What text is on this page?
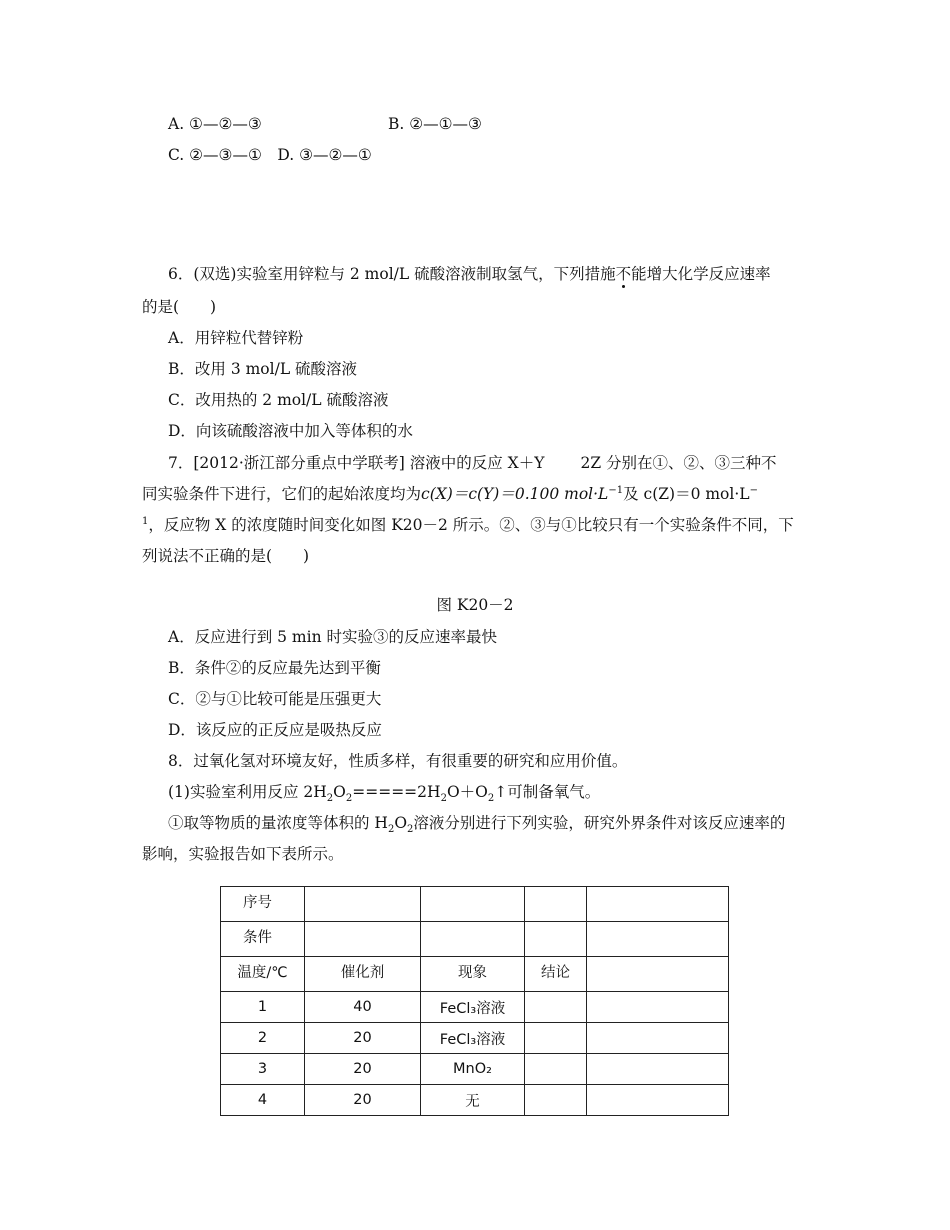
A. ①—②—③	B. ②—①—③
C. ②—③—①　D. ③—②—①
6．(双选)实验室用锌粒与 2 mol/L 硫酸溶液制取氢气，下列措施不能增大化学反应速率
的是(　　)
A．用锌粒代替锌粉
B．改用 3 mol/L 硫酸溶液
C．改用热的 2 mol/L 硫酸溶液
D．向该硫酸溶液中加入等体积的水
7．[2012·浙江部分重点中学联考] 溶液中的反应 X＋Y 2Z 分别在①、②、③三种不
同实验条件下进行，它们的起始浓度均为c(X)＝c(Y)＝0.100 $mol\cdot L^{-1}$及 c(Z)＝0 mol·L−
$^1$，反应物 X 的浓度随时间变化如图 K20－2 所示。②、③与①比较只有一个实验条件不同，下
列说法不正确的是(　　)
图 K20－2
A．反应进行到 5 min 时实验③的反应速率最快
B．条件②的反应最先达到平衡
C．②与①比较可能是压强更大
D．该反应的正反应是吸热反应
8．过氧化氢对环境友好，性质多样，有很重要的研究和应用价值。
(1)实验室利用反应 $2H_2O_2=====2H_2O+O_2↑$可制备氧气。
①取等物质的量浓度等体积的 $H_2O_2$溶液分别进行下列实验，研究外界条件对该反应速率的
影响，实验报告如下表所示。
序号				
条件				
温度/℃	催化剂	现象	结论	
1	40	FeCl₃溶液		
2	20	FeCl₃溶液		
3	20	MnO₂		
4	20	无		
